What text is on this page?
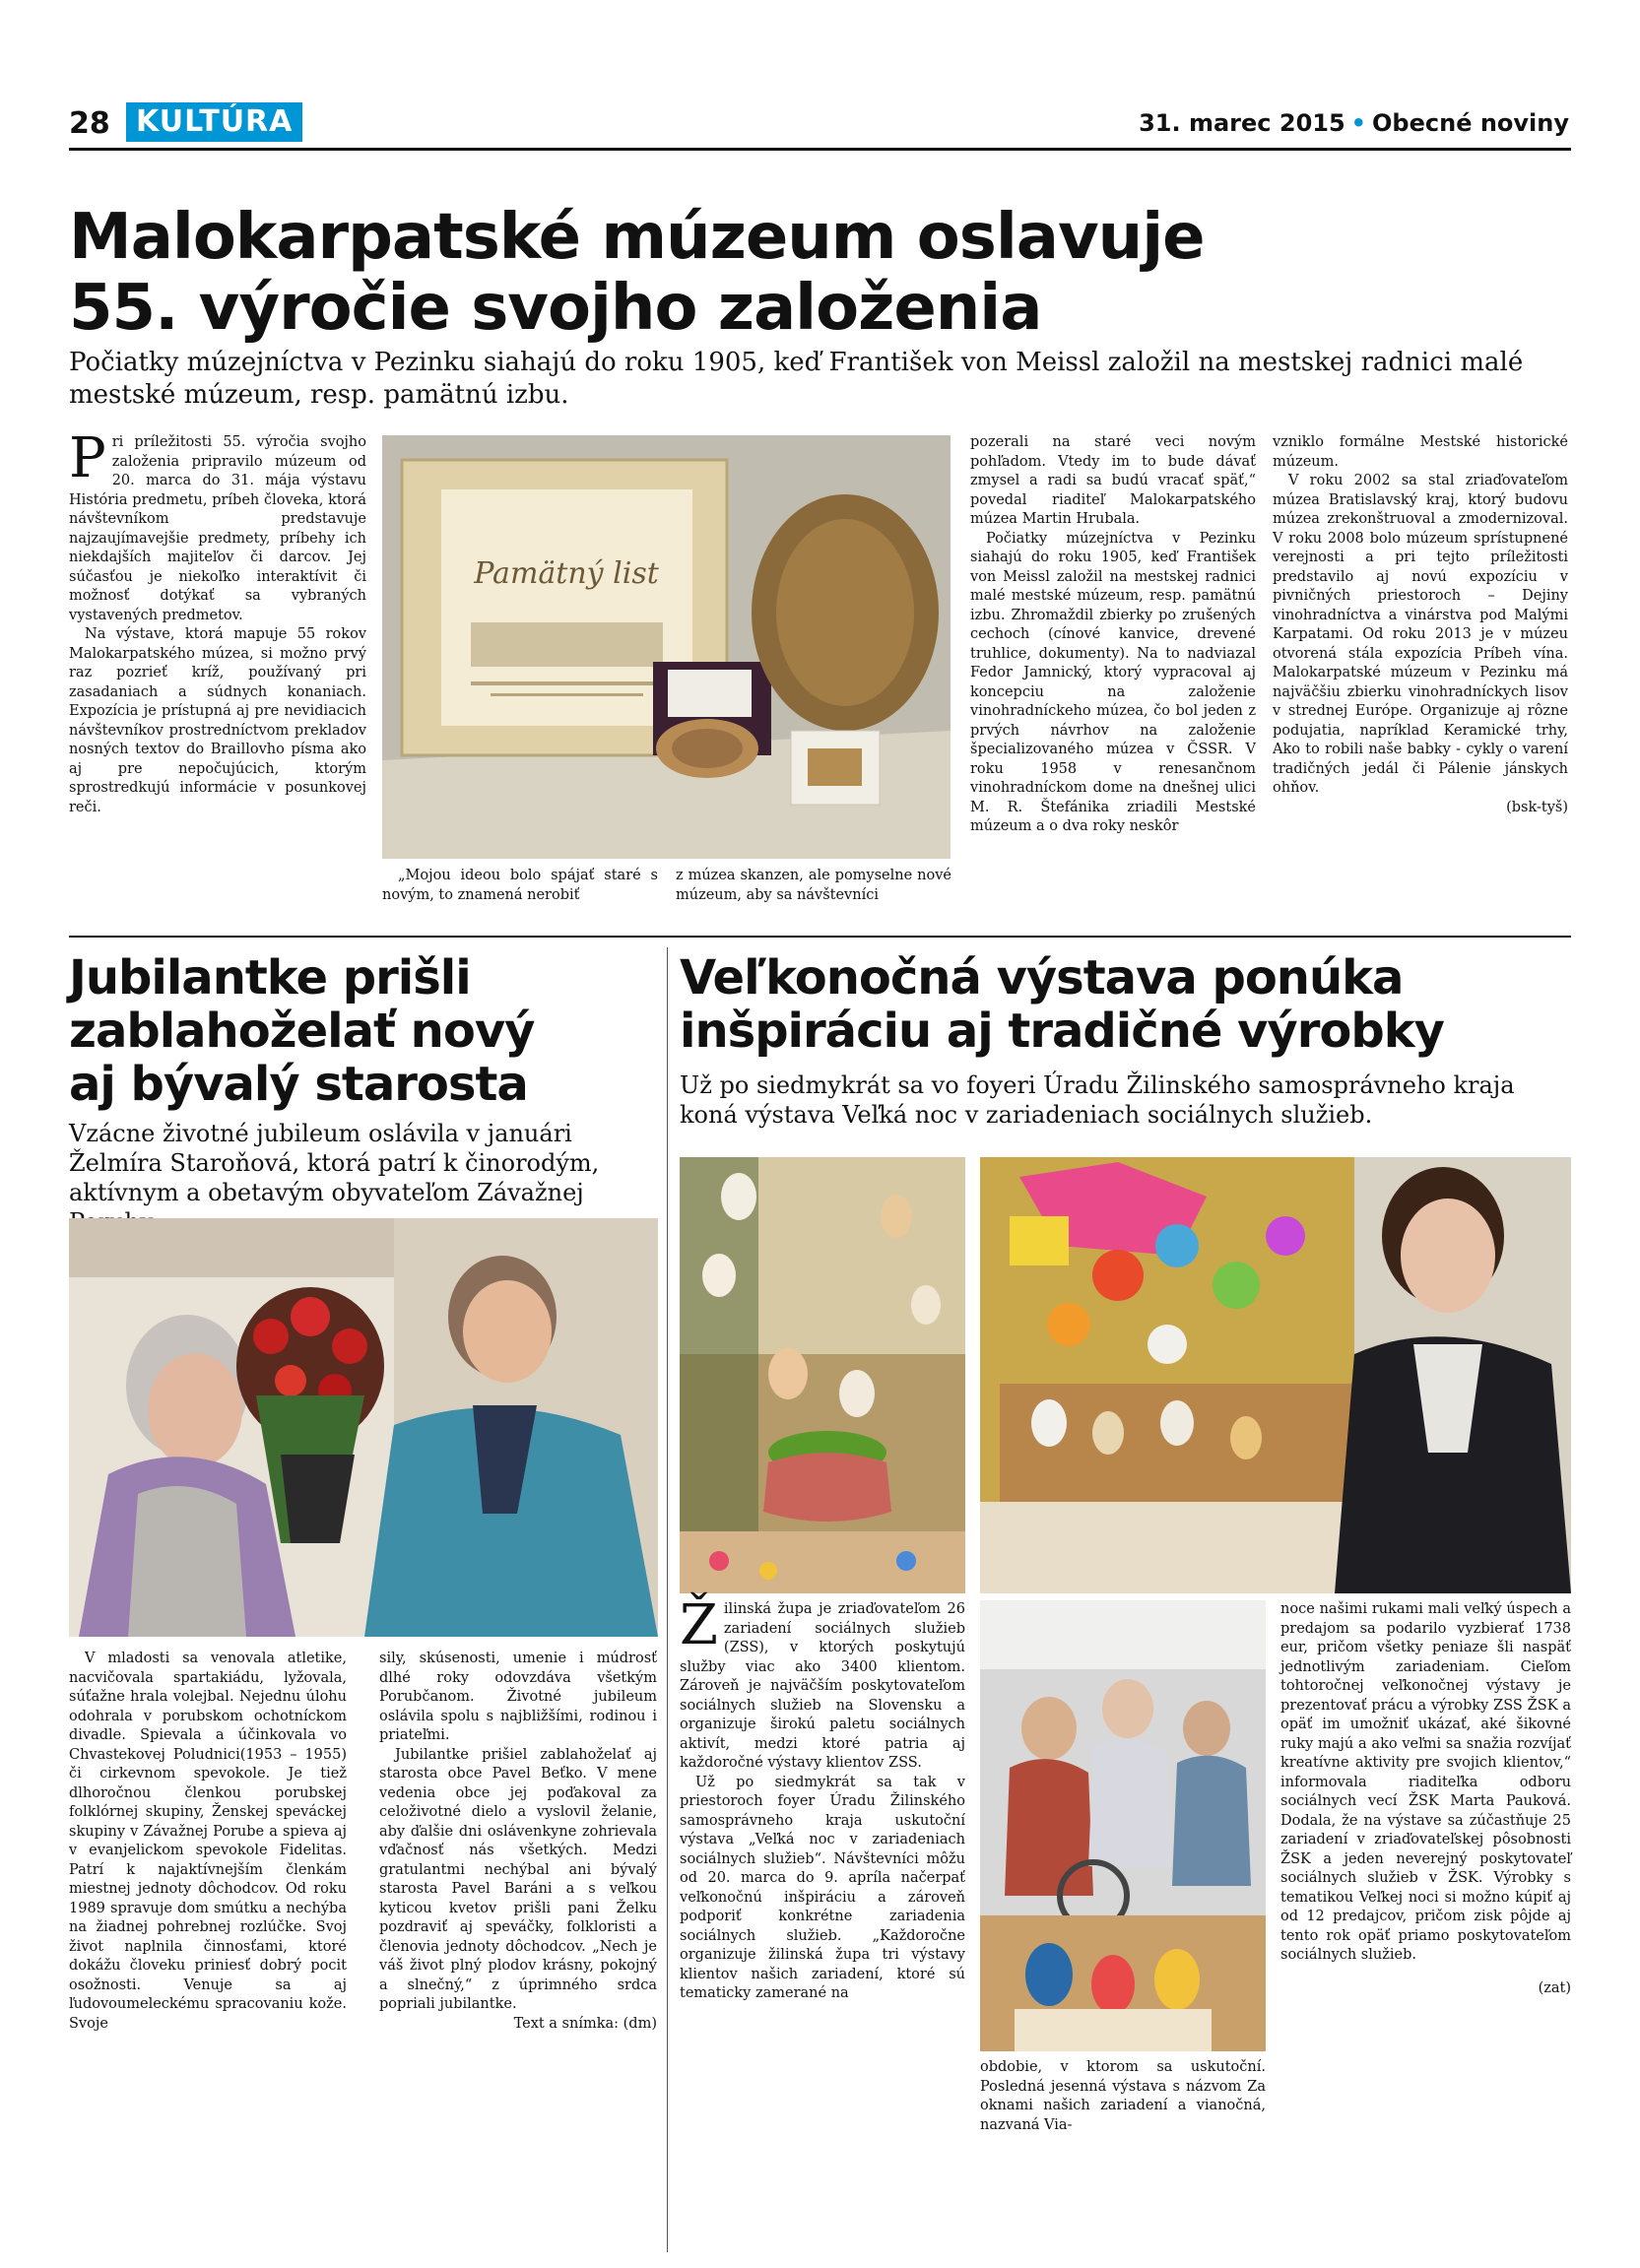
28 KULTÚRA	31. marec 2015 • Obecné noviny
Malokarpatské múzeum oslavuje
55. výročie svojho založenia
Počiatky múzejníctva v Pezinku siahajú do roku 1905, keď František von Meissl založil na mestskej radnici malé mestské múzeum, resp. pamätnú izbu.
P ri príležitosti 55. výročia svojho založenia pripravilo múzeum od 20. marca do 31. mája výstavu História predmetu, príbeh človeka, ktorá návštevníkom predstavuje najzaujímavejšie predmety, príbehy ich niekdajších majiteľov či darcov. Jej súčasťou je niekoľko interaktívit či možnosť dotýkať sa vybraných vystavených predmetov.

Na výstave, ktorá mapuje 55 rokov Malokarpatského múzea, si možno prvý raz pozrieť kríž, používaný pri zasadaniach a súdnych konaniach. Expozícia je prístupná aj pre nevidiacich návštevníkov prostredníctvom prekladov nosných textov do Braillovho písma ako aj pre nepočujúcich, ktorým sprostredkujú informácie v posunkovej reči.

Pamätný list

„Mojou ideou bolo spájať staré s novým, to znamená nerobiť

z múzea skanzen, ale pomyselne nové múzeum, aby sa návštevníci

pozerali na staré veci novým pohľadom. Vtedy im to bude dávať zmysel a radi sa budú vracať späť,“ povedal riaditeľ Malokarpatského múzea Martin Hrubala.

Počiatky múzejníctva v Pezinku siahajú do roku 1905, keď František von Meissl založil na mestskej radnici malé mestské múzeum, resp. pamätnú izbu. Zhromaždil zbierky po zrušených cechoch (cínové kanvice, drevené truhlice, dokumenty). Na to nadviazal Fedor Jamnický, ktorý vypracoval aj koncepciu na založenie vinohradníckeho múzea, čo bol jeden z prvých návrhov na založenie špecializovaného múzea v ČSSR. V roku 1958 v renesančnom vinohradníckom dome na dnešnej ulici M. R. Štefánika zriadili Mestské múzeum a o dva roky neskôr

vzniklo formálne Mestské historické múzeum.

V roku 2002 sa stal zriaďovateľom múzea Bratislavský kraj, ktorý budovu múzea zrekonštruoval a zmodernizoval. V roku 2008 bolo múzeum sprístupnené verejnosti a pri tejto príležitosti predstavilo aj novú expozíciu v pivničných priestoroch – Dejiny vinohradníctva a vinárstva pod Malými Karpatami. Od roku 2013 je v múzeu otvorená stála expozícia Príbeh vína. Malokarpatské múzeum v Pezinku má najväčšiu zbierku vinohradníckych lisov v strednej Európe. Organizuje aj rôzne podujatia, napríklad Keramické trhy, Ako to robili naše babky - cykly o varení tradičných jedál či Pálenie jánskych ohňov.

(bsk-tyš)

Jubilantke prišli
zablahoželať nový
aj bývalý starosta
Vzácne životné jubileum oslávila v januári Želmíra Staroňová, ktorá patrí k činorodým, aktívnym a obetavým obyvateľom Závažnej

V mladosti sa venovala atletike, nacvičovala spartakiádu, lyžovala, súťažne hrala volejbal. Nejednu úlohu odohrala v porubskom ochotníckom divadle. Spievala a účinkovala vo Chvastekovej Poludnici(1953 – 1955) či cirkevnom spevokole. Je tiež dlhoročnou členkou porubskej folklórnej skupiny, Ženskej speváckej skupiny v Závažnej Porube a spieva aj v evanjelickom spevokole Fidelitas. Patrí k najaktívnejším členkám miestnej jednoty dôchodcov. Od roku 1989 spravuje dom smútku a nechýba na žiadnej pohrebnej rozlúčke. Svoj život naplnila činnosťami, ktoré dokážu človeku priniesť dobrý pocit osožnosti. Venuje sa aj ľudovoumeleckému spracovaniu kože. Svoje

sily, skúsenosti, umenie i múdrosť dlhé roky odovzdáva všetkým Porubčanom. Životné jubileum oslávila spolu s najbližšími, rodinou i priateľmi.

Jubilantke prišiel zablahoželať aj starosta obce Pavel Beťko. V mene vedenia obce jej poďakoval za celoživotné dielo a vyslovil želanie, aby ďalšie dni oslávenkyne zohrievala vďačnosť nás všetkých. Medzi gratulantmi nechýbal ani bývalý starosta Pavel Baráni a s veľkou kyticou kvetov prišli pani Želku pozdraviť aj speváčky, folkloristi a členovia jednoty dôchodcov. „Nech je váš život plný plodov krásny, pokojný a slnečný,“ z úprimného srdca popriali jubilantke.

Text a snímka: (dm)

Veľkonočná výstava ponúka
inšpiráciu aj tradičné výrobky
Už po siedmykrát sa vo foyeri Úradu Žilinského samosprávneho kraja koná výstava Veľká noc v zariadeniach sociálnych služieb.
Ž ilinská župa je zriaďovateľom 26 zariadení sociálnych služieb (ZSS), v ktorých poskytujú služby viac ako 3400 klientom. Zároveň je najväčším poskytovateľom sociálnych služieb na Slovensku a organizuje širokú paletu sociálnych aktivít, medzi ktoré patria aj každoročné výstavy klientov ZSS.

Už po siedmykrát sa tak v priestoroch foyer Úradu Žilinského samosprávneho kraja uskutoční výstava „Veľká noc v zariadeniach sociálnych služieb“. Návštevníci môžu od 20. marca do 9. apríla načerpať veľkonočnú inšpiráciu a zároveň podporiť konkrétne zariadenia sociálnych služieb. „Každoročne organizuje žilinská župa tri výstavy klientov našich zariadení, ktoré sú tematicky zamerané na

obdobie, v ktorom sa uskutoční. Posledná jesenná výstava s názvom Za oknami našich zariadení a vianočná, nazvaná Via-

noce našimi rukami mali veľký úspech a predajom sa podarilo vyzbierať 1738 eur, pričom všetky peniaze šli naspäť jednotlivým zariadeniam. Cieľom tohtoročnej veľkonočnej výstavy je prezentovať prácu a výrobky ZSS ŽSK a opäť im umožniť ukázať, aké šikovné ruky majú a ako veľmi sa snažia rozvíjať kreatívne aktivity pre svojich klientov,“ informovala riaditeľka odboru sociálnych vecí ŽSK Marta Pauková. Dodala, že na výstave sa zúčastňuje 25 zariadení v zriaďovateľskej pôsobnosti ŽSK a jeden neverejný poskytovateľ sociálnych služieb v ŽSK. Výrobky s tematikou Veľkej noci si možno kúpiť aj od 12 predajcov, pričom zisk pôjde aj tento rok opäť priamo poskytovateľom sociálnych služieb.

(zat)
